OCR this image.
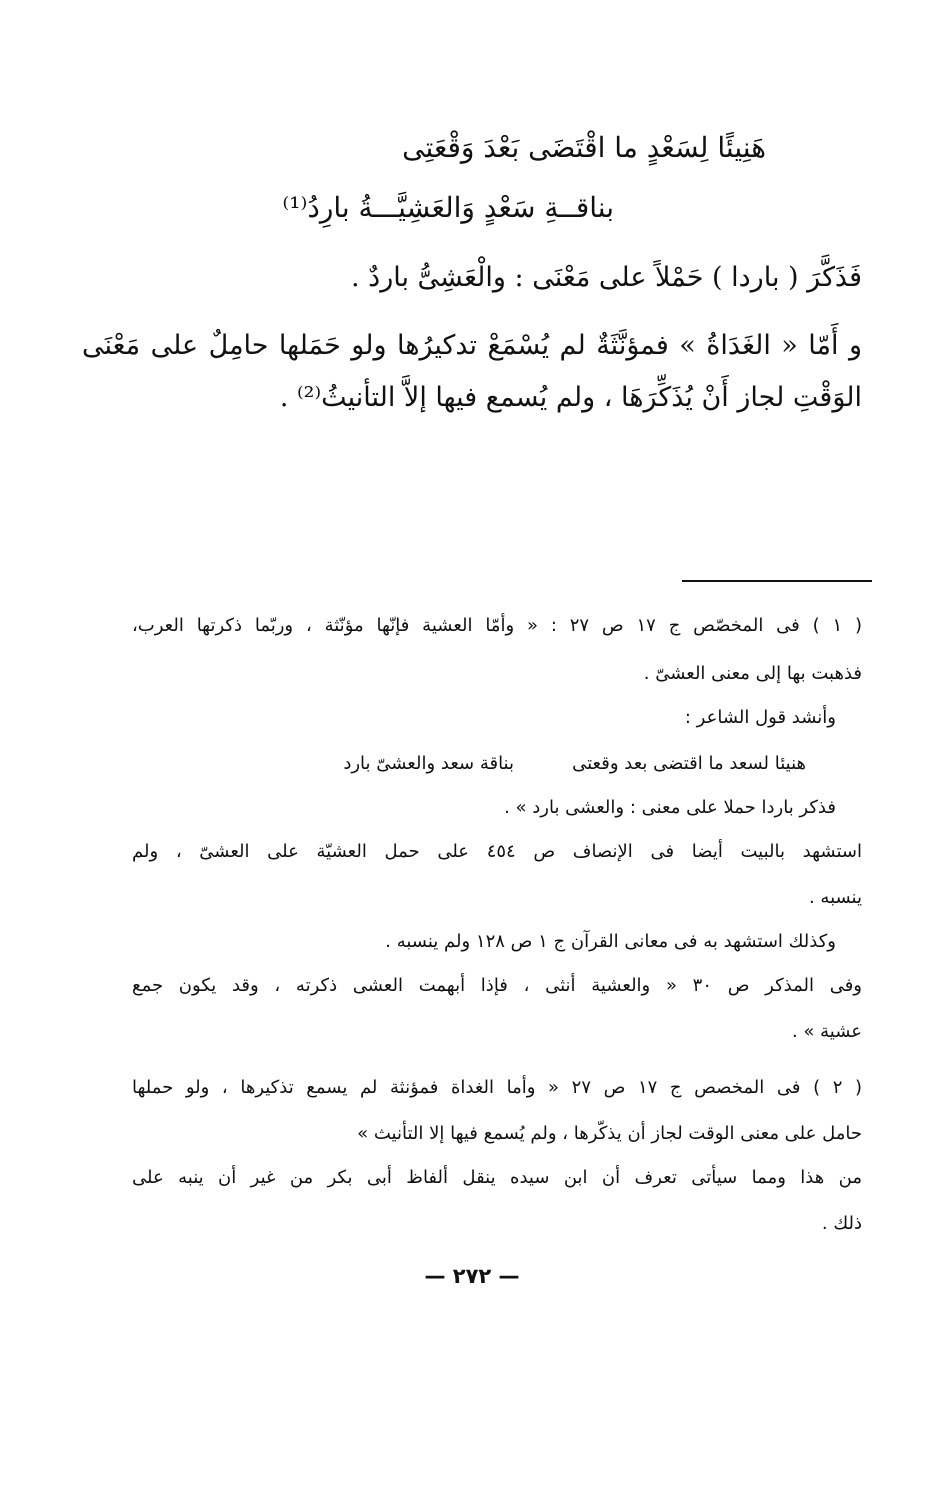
هَنِيئًا لِسَعْدٍ ما اقْتَضَى بَعْدَ وَقْعَتِى
بناقــةِ سَعْدٍ وَالعَشِيَّـــةُ بارِدُ⁽¹⁾
فَذَكَّرَ ( باردا ) حَمْلاً على مَعْنَى : والْعَشِىُّ باردٌ .
و أَمّا « الغَدَاةُ » فمؤنَّثَةٌ لم يُسْمَعْ تدكيرُها ولو حَمَلها حامِلٌ على مَعْنَى
الوَقْتِ لجاز أَنْ يُذَكِّرَهَا ، ولم يُسمع فيها إلاَّ التأنيثُ⁽²⁾ .
( ١ ) فى المخصّص ج ١٧ ص ٢٧ : « وأمّا العشية فإنّها مؤنّثة ، وربّما ذكرتها العرب،
فذهبت بها إلى معنى العشىّ .
وأنشد قول الشاعر :
هنيئا لسعد ما اقتضى بعد وقعتى
بناقة سعد والعشىّ بارد
فذكر باردا حملا على معنى : والعشى بارد » .
استشهد بالبيت أيضا فى الإنصاف ص ٤٥٤ على حمل العشيّة على العشىّ ، ولم
ينسبه .
وكذلك استشهد به فى معانى القرآن ج ١ ص ١٢٨ ولم ينسبه .
وفى المذكر ص ٣٠ « والعشية أنثى ، فإذا أبهمت العشى ذكرته ، وقد يكون جمع
عشية » .
( ٢ ) فى المخصص ج ١٧ ص ٢٧ « وأما الغداة فمؤنثة لم يسمع تذكيرها ، ولو حملها
حامل على معنى الوقت لجاز أن يذكّرها ، ولم يُسمع فيها إلا التأنيث »
من هذا ومما سيأتى تعرف أن ابن سيده ينقل ألفاظ أبى بكر من غير أن ينبه على
ذلك .
— ٢٧٢ —
